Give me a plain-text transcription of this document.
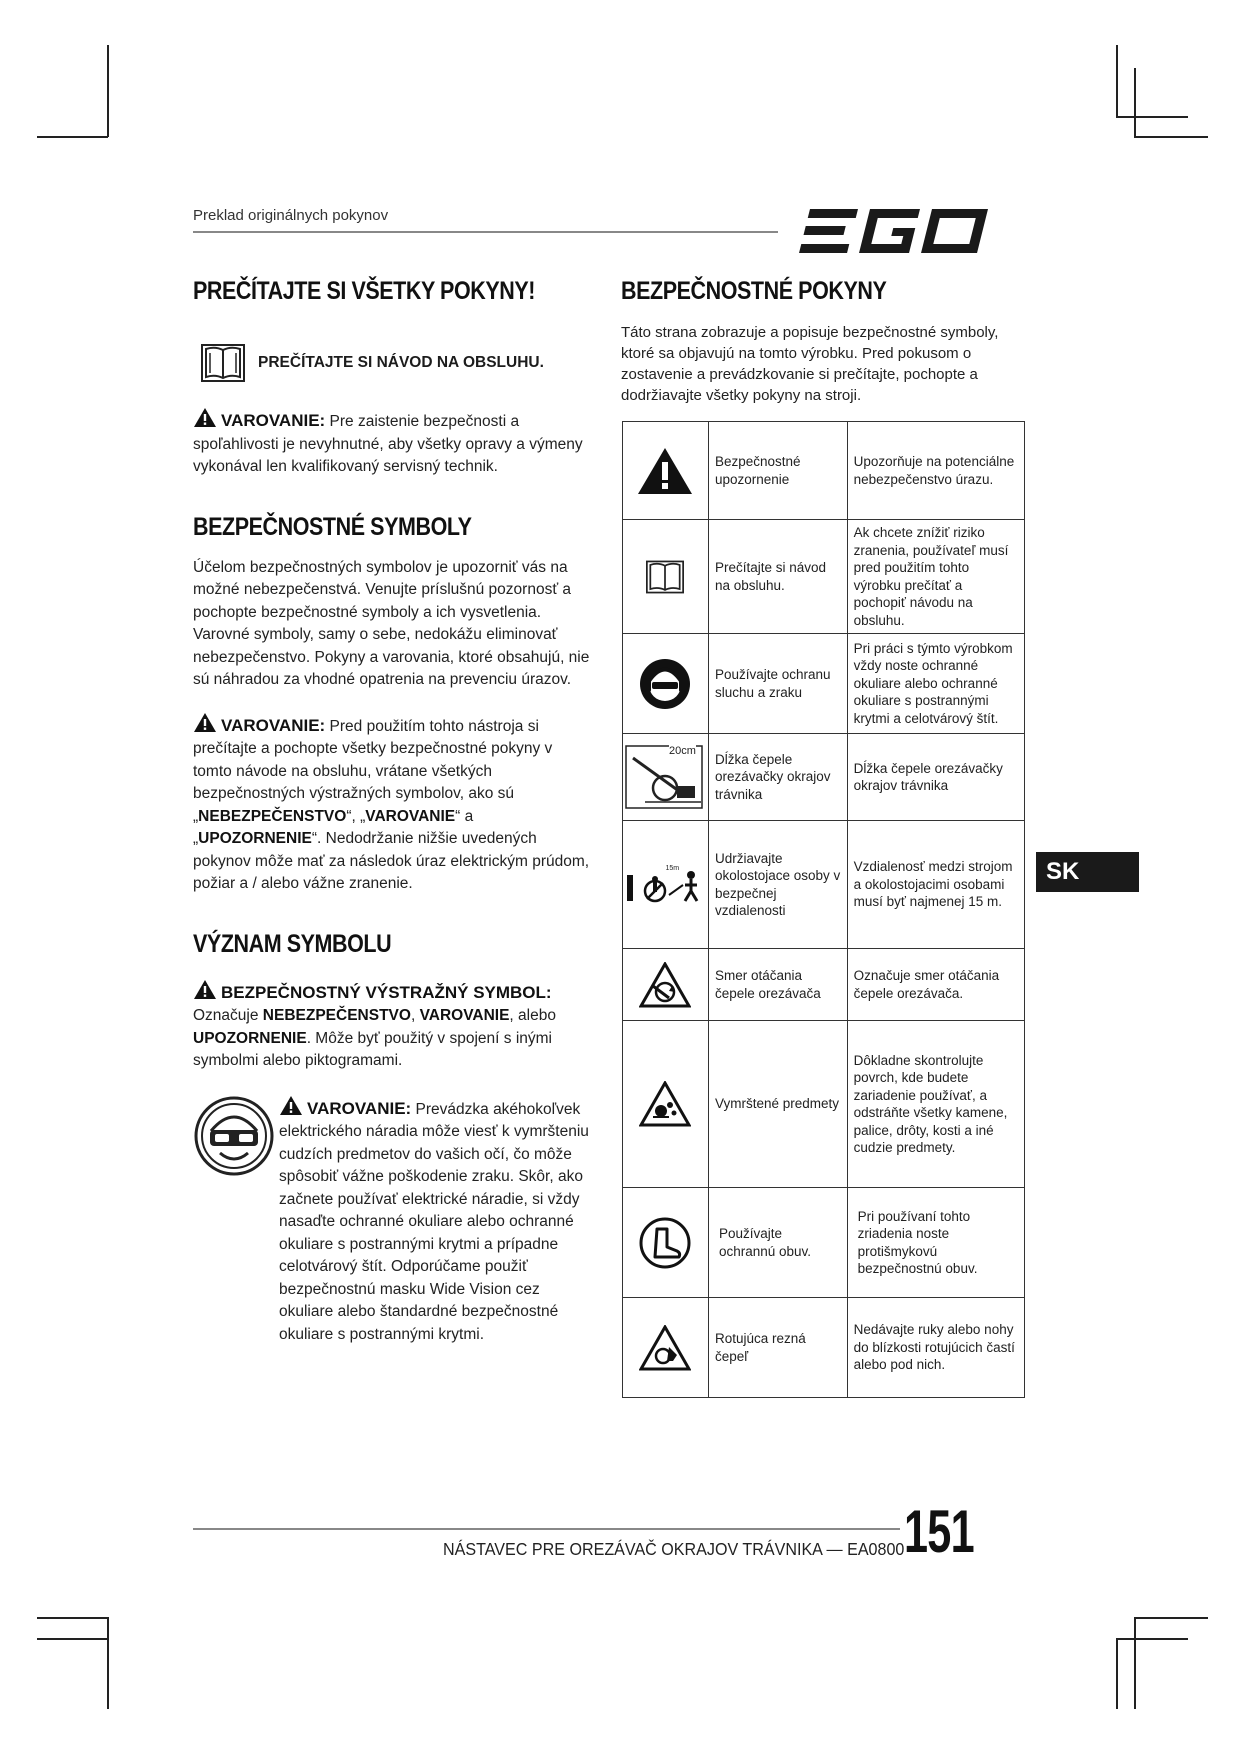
Preklad originálnych pokynov
PREČÍTAJTE SI VŠETKY POKYNY!
PREČÍTAJTE SI NÁVOD NA OBSLUHU.

VAROVANIE: Pre zaistenie bezpečnosti a spoľahlivosti je nevyhnutné, aby všetky opravy a výmeny vykonával len kvalifikovaný servisný technik.

BEZPEČNOSTNÉ SYMBOLY

Účelom bezpečnostných symbolov je upozorniť vás na možné nebezpečenstvá. Venujte príslušnú pozornosť a pochopte bezpečnostné symboly a ich vysvetlenia. Varovné symboly, samy o sebe, nedokážu eliminovať nebezpečenstvo. Pokyny a varovania, ktoré obsahujú, nie sú náhradou za vhodné opatrenia na prevenciu úrazov.

VAROVANIE: Pred použitím tohto nástroja si prečítajte a pochopte všetky bezpečnostné pokyny v tomto návode na obsluhu, vrátane všetkých bezpečnostných výstražných symbolov, ako sú „NEBEZPEČENSTVO“, „VAROVANIE“ a „UPOZORNENIE“. Nedodržanie nižšie uvedených pokynov môže mať za následok úraz elektrickým prúdom, požiar a / alebo vážne zranenie.

VÝZNAM SYMBOLU

BEZPEČNOSTNÝ VÝSTRAŽNÝ SYMBOL:
Označuje NEBEZPEČENSTVO, VAROVANIE, alebo UPOZORNENIE. Môže byť použitý v spojení s inými symbolmi alebo piktogramami.

VAROVANIE: Prevádzka akéhokoľvek elektrického náradia môže viesť k vymršteniu cudzích predmetov do vašich očí, čo môže spôsobiť vážne poškodenie zraku. Skôr, ako začnete používať elektrické náradie, si vždy nasaďte ochranné okuliare alebo ochranné okuliare s postrannými krytmi a prípadne celotvárový štít. Odporúčame použiť bezpečnostnú masku Wide Vision cez okuliare alebo štandardné bezpečnostné okuliare s postrannými krytmi.

BEZPEČNOSTNÉ POKYNY

Táto strana zobrazuje a popisuje bezpečnostné symboly, ktoré sa objavujú na tomto výrobku. Pred pokusom o zostavenie a prevádzkovanie si prečítajte, pochopte a dodržiavajte všetky pokyny na stroji.

	Bezpečnostné upozornenie	Upozorňuje na potenciálne nebezpečenstvo úrazu.

	Prečítajte si návod na obsluhu.	Ak chcete znížiť riziko zranenia, používateľ musí pred použitím tohto výrobku prečítať a pochopiť návodu na obsluhu.

	Používajte ochranu sluchu a zraku	Pri práci s týmto výrobkom vždy noste ochranné okuliare alebo ochranné okuliare s postrannými krytmi a celotvárový štít.

20cm	Dĺžka čepele orezávačky okrajov trávnika	Dĺžka čepele orezávačky okrajov trávnika

15m	Udržiavajte okolostojace osoby v bezpečnej vzdialenosti	Vzdialenosť medzi strojom a okolostojacimi osobami musí byť najmenej 15 m.

	Smer otáčania čepele orezávača	Označuje smer otáčania čepele orezávača.

	Vymrštené predmety	Dôkladne skontrolujte povrch, kde budete zariadenie používať, a odstráňte všetky kamene, palice, drôty, kosti a iné cudzie predmety.

	Používajte ochrannú obuv.	Pri používaní tohto zriadenia noste protišmykovú bezpečnostnú obuv.

	Rotujúca rezná čepeľ	Nedávajte ruky alebo nohy do blízkosti rotujúcich častí alebo pod nich.
SK
NÁSTAVEC PRE OREZÁVAČ OKRAJOV TRÁVNIKA — EA0800 151
